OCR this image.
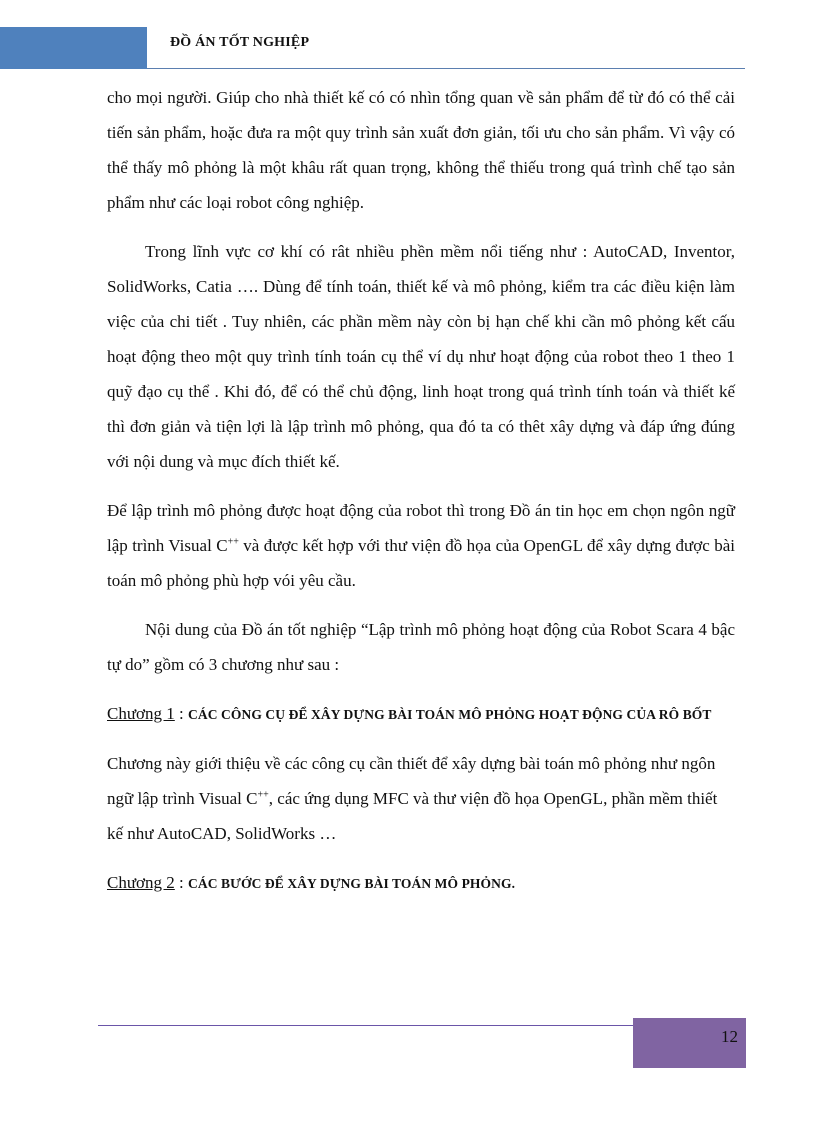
ĐỒ ÁN TỐT NGHIỆP

cho mọi người. Giúp cho nhà thiết kế có có nhìn tổng quan về sản phẩm để từ đó có thể cải tiến sản phẩm, hoặc đưa ra một quy trình sản xuất đơn giản, tối ưu cho sản phẩm. Vì vậy có thể thấy mô phỏng là một khâu rất quan trọng, không thể thiếu trong quá trình chế tạo sản phẩm như các loại robot công nghiệp.

Trong lĩnh vực cơ khí có rât nhiều phền mềm nổi tiếng như : AutoCAD, Inventor, SolidWorks, Catia …. Dùng để tính toán, thiết kế và mô phỏng, kiểm tra các điều kiện làm việc của chi tiết . Tuy nhiên, các phần mềm này còn bị hạn chế khi cần mô phỏng kết cấu hoạt động theo một quy trình tính toán cụ thể ví dụ như hoạt động của robot theo 1 theo 1 quỹ đạo cụ thể . Khi đó, để có thể chủ động, linh hoạt trong quá trình tính toán và thiết kế thì đơn giản và tiện lợi là lập trình mô phỏng, qua đó ta có thêt xây dựng và đáp ứng đúng với nội dung và mục đích thiết kế.

Để lập trình mô phỏng được hoạt động của robot thì trong Đồ án tin học em chọn ngôn ngữ lập trình Visual C++ và được kết hợp với thư viện đồ họa của OpenGL để xây dựng được bài toán mô phỏng phù hợp vói yêu cầu.

Nội dung của Đồ án tốt nghiệp “Lập trình mô phỏng hoạt động của Robot Scara 4 bậc tự do” gồm có 3 chương như sau :

Chương 1 : CÁC CÔNG CỤ ĐỂ XÂY DỰNG BÀI TOÁN MÔ PHỎNG HOẠT ĐỘNG CỦA RÔ BỐT

Chương này giới thiệu về các công cụ cần thiết để xây dựng bài toán mô phỏng như ngôn ngữ lập trình Visual C++, các ứng dụng MFC và thư viện đồ họa OpenGL, phần mềm thiết kế như AutoCAD, SolidWorks …

Chương 2 : CÁC BƯỚC ĐỂ XÂY DỰNG BÀI TOÁN MÔ PHỎNG.
12
